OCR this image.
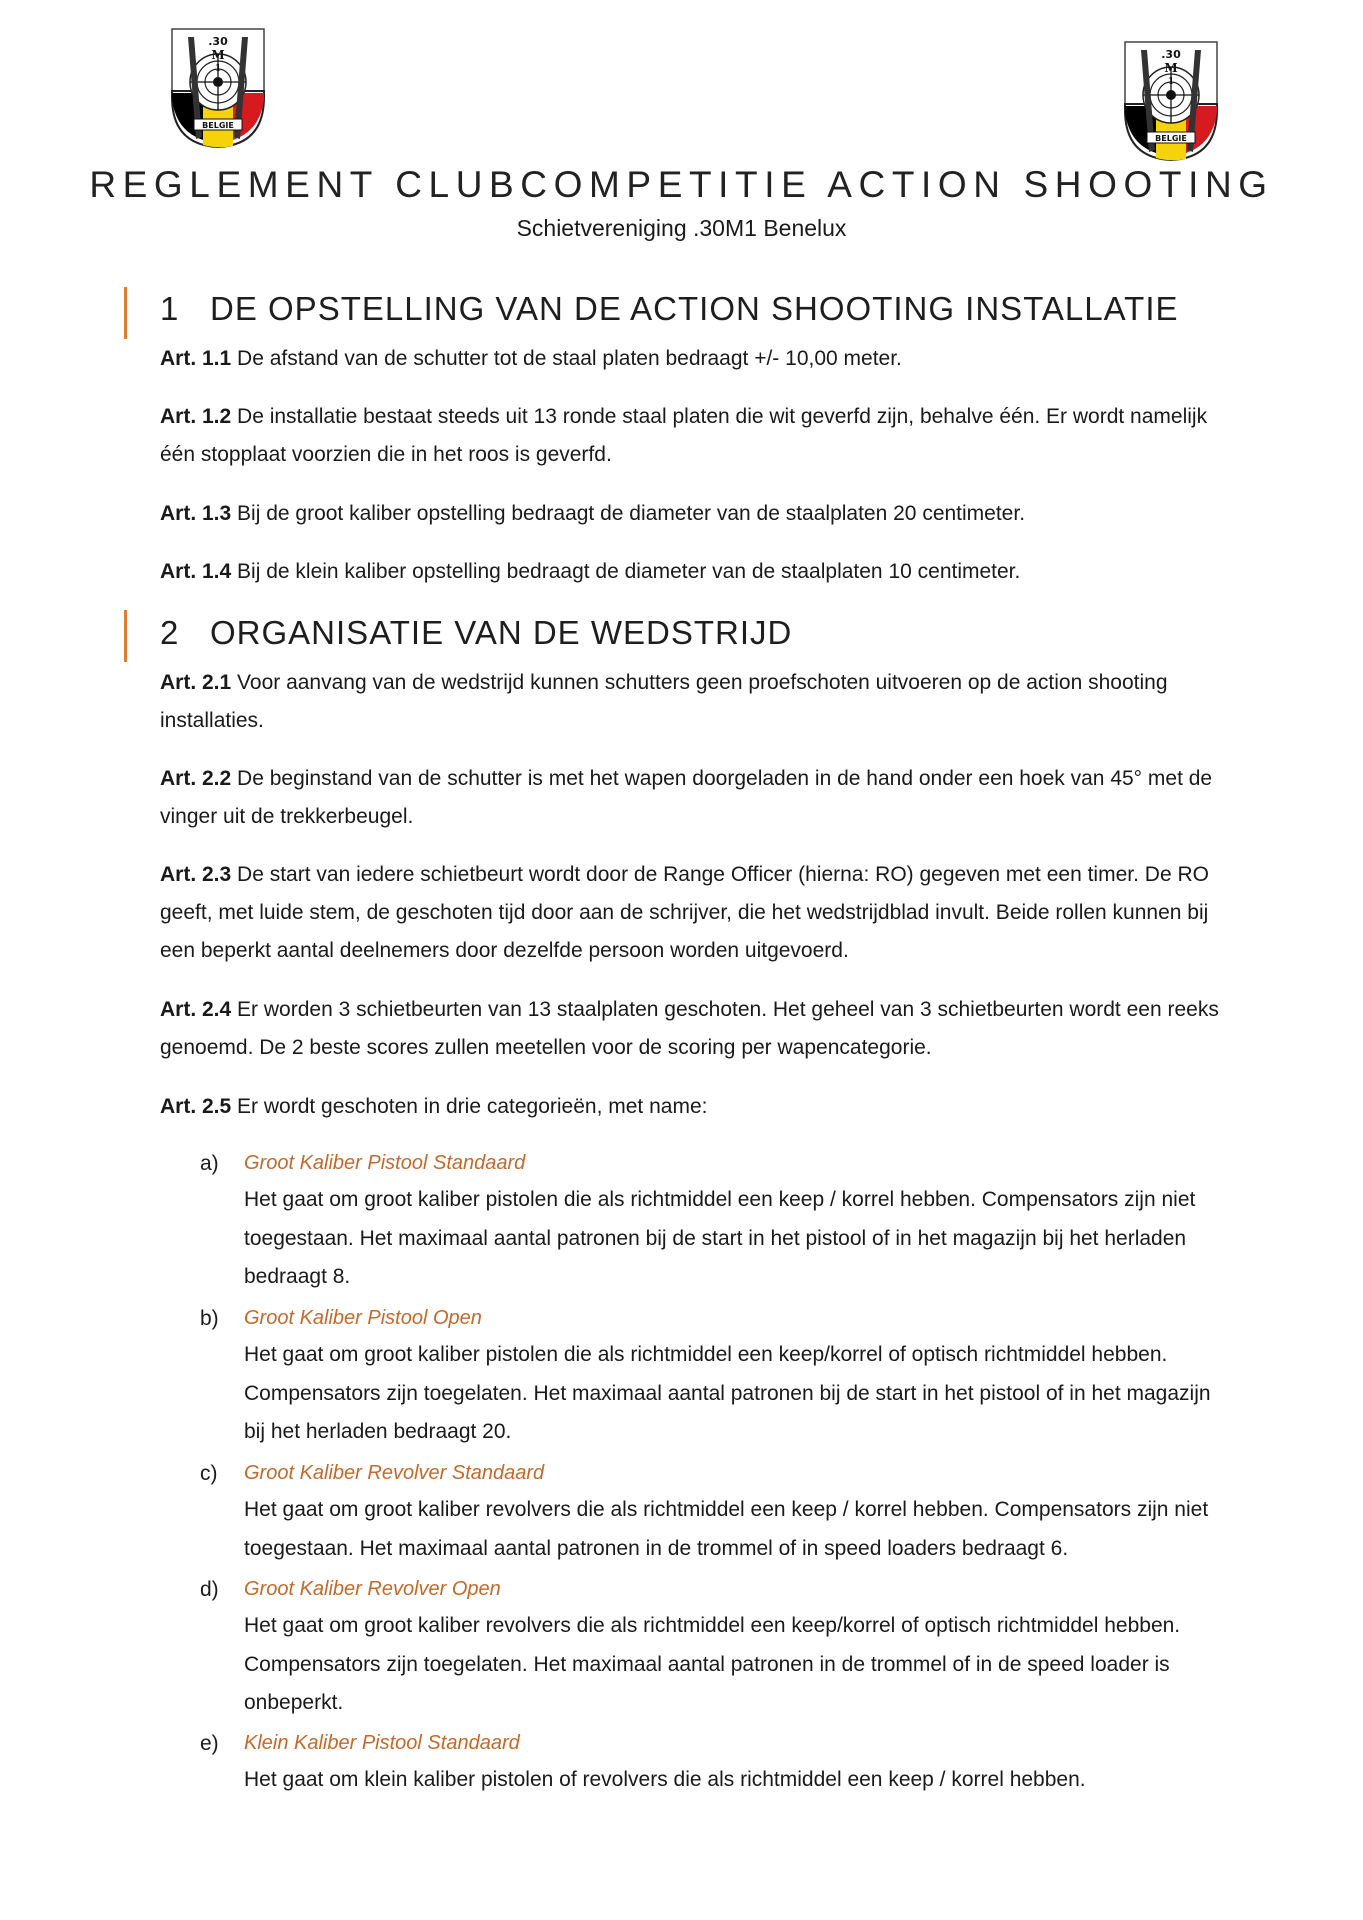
.30
M
1
BELGIE
.30
M
1
BELGIE
REGLEMENT CLUBCOMPETITIE ACTION SHOOTING
Schietvereniging .30M1 Benelux
1 DE OPSTELLING VAN DE ACTION SHOOTING INSTALLATIE

Art. 1.1 De afstand van de schutter tot de staal platen bedraagt +/- 10,00 meter.

Art. 1.2 De installatie bestaat steeds uit 13 ronde staal platen die wit geverfd zijn, behalve één. Er wordt namelijk één stopplaat voorzien die in het roos is geverfd.

Art. 1.3 Bij de groot kaliber opstelling bedraagt de diameter van de staalplaten 20 centimeter.

Art. 1.4 Bij de klein kaliber opstelling bedraagt de diameter van de staalplaten 10 centimeter.

2 ORGANISATIE VAN DE WEDSTRIJD

Art. 2.1 Voor aanvang van de wedstrijd kunnen schutters geen proefschoten uitvoeren op de action shooting installaties.

Art. 2.2 De beginstand van de schutter is met het wapen doorgeladen in de hand onder een hoek van 45° met de vinger uit de trekkerbeugel.

Art. 2.3 De start van iedere schietbeurt wordt door de Range Officer (hierna: RO) gegeven met een timer. De RO geeft, met luide stem, de geschoten tijd door aan de schrijver, die het wedstrijdblad invult. Beide rollen kunnen bij een beperkt aantal deelnemers door dezelfde persoon worden uitgevoerd.

Art. 2.4 Er worden 3 schietbeurten van 13 staalplaten geschoten. Het geheel van 3 schietbeurten wordt een reeks genoemd. De 2 beste scores zullen meetellen voor de scoring per wapencategorie.

Art. 2.5 Er wordt geschoten in drie categorieën, met name:

a) Groot Kaliber Pistool Standaard

Het gaat om groot kaliber pistolen die als richtmiddel een keep / korrel hebben. Compensators zijn niet toegestaan. Het maximaal aantal patronen bij de start in het pistool of in het magazijn bij het herladen bedraagt 8.

b) Groot Kaliber Pistool Open

Het gaat om groot kaliber pistolen die als richtmiddel een keep/korrel of optisch richtmiddel hebben. Compensators zijn toegelaten. Het maximaal aantal patronen bij de start in het pistool of in het magazijn bij het herladen bedraagt 20.

c) Groot Kaliber Revolver Standaard

Het gaat om groot kaliber revolvers die als richtmiddel een keep / korrel hebben. Compensators zijn niet toegestaan. Het maximaal aantal patronen in de trommel of in speed loaders bedraagt 6.

d) Groot Kaliber Revolver Open

Het gaat om groot kaliber revolvers die als richtmiddel een keep/korrel of optisch richtmiddel hebben. Compensators zijn toegelaten. Het maximaal aantal patronen in de trommel of in de speed loader is onbeperkt.

e) Klein Kaliber Pistool Standaard

Het gaat om klein kaliber pistolen of revolvers die als richtmiddel een keep / korrel hebben.
